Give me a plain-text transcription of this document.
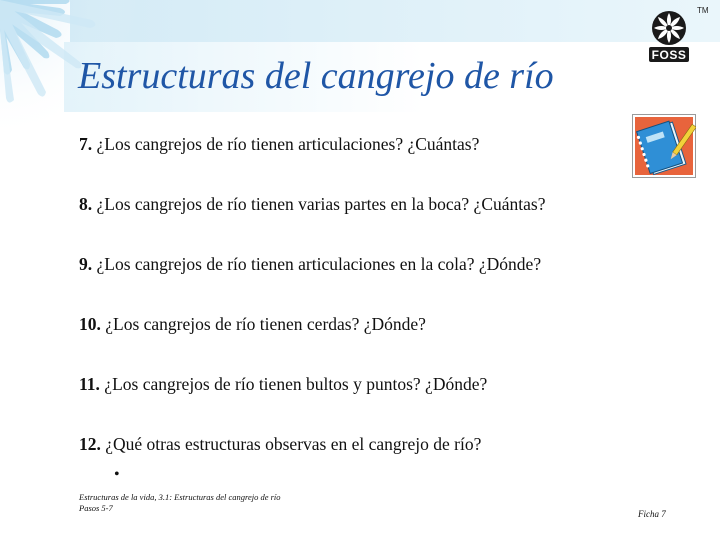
TM
FOSS
Estructuras del cangrejo de río
7. ¿Los cangrejos de río tienen articulaciones? ¿Cuántas?
8. ¿Los cangrejos de río tienen varias partes en la boca? ¿Cuántas?
9. ¿Los cangrejos de río tienen articulaciones en la cola? ¿Dónde?
10. ¿Los cangrejos de río tienen cerdas? ¿Dónde?
11. ¿Los cangrejos de río tienen bultos y puntos? ¿Dónde?
12. ¿Qué otras estructuras observas en el cangrejo de río?
•
Estructuras de la vida, 3.1: Estructuras del cangrejo de río
Pasos 5-7
Ficha 7
